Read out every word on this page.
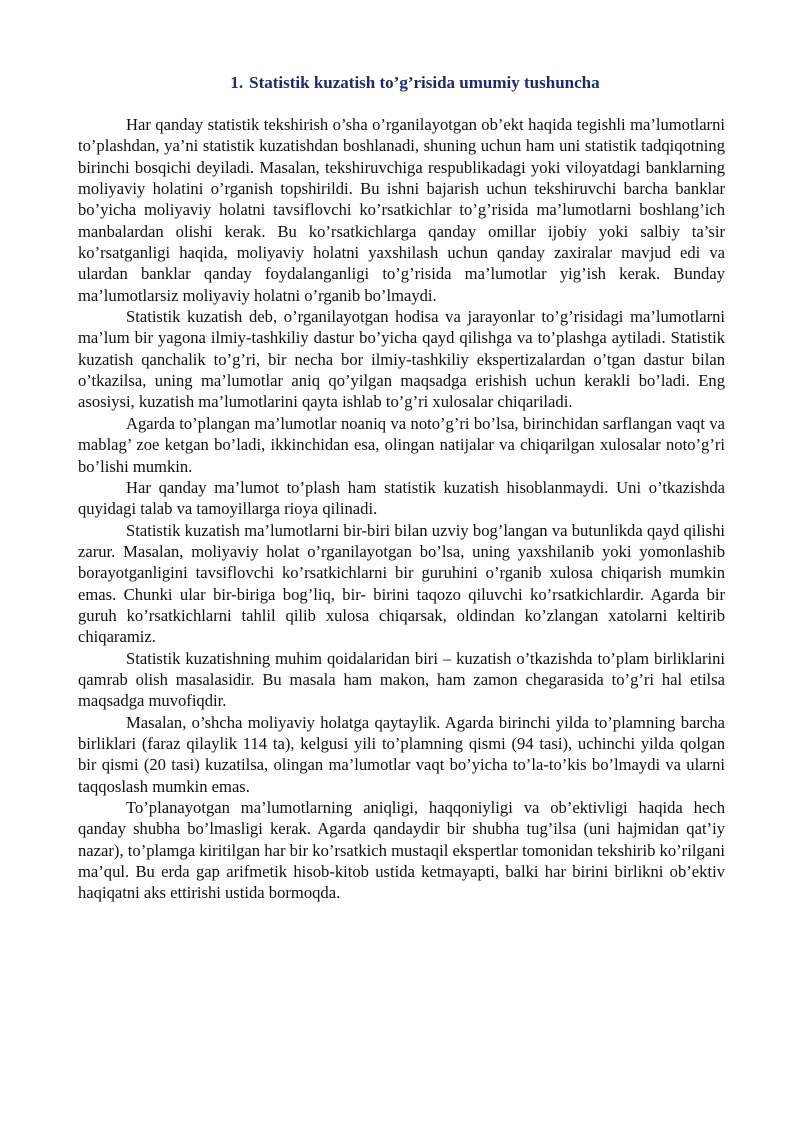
1. Statistik kuzatish to’g’risida umumiy tushuncha

Har qanday statistik tekshirish o’sha o’rganilayotgan ob’ekt haqida tegishli ma’lumotlarni to’plashdan, ya’ni statistik kuzatishdan boshlanadi, shuning uchun ham uni statistik tadqiqotning birinchi bosqichi deyiladi. Masalan, tekshiruvchiga respublikadagi yoki viloyatdagi banklarning moliyaviy holatini o’rganish topshirildi. Bu ishni bajarish uchun tekshiruvchi barcha banklar bo’yicha moliyaviy holatni tavsiflovchi ko’rsatkichlar to’g’risida ma’lumotlarni boshlang’ich manbalardan olishi kerak. Bu ko’rsatkichlarga qanday omillar ijobiy yoki salbiy ta’sir ko’rsatganligi haqida, moliyaviy holatni yaxshilash uchun qanday zaxiralar mavjud edi va ulardan banklar qanday foydalanganligi to’g’risida ma’lumotlar yig’ish kerak. Bunday ma’lumotlarsiz moliyaviy holatni o’rganib bo’lmaydi.

Statistik kuzatish deb, o’rganilayotgan hodisa va jarayonlar to’g’risidagi ma’lumotlarni ma’lum bir yagona ilmiy-tashkiliy dastur bo’yicha qayd qilishga va to’plashga aytiladi. Statistik kuzatish qanchalik to’g’ri, bir necha bor ilmiy-tashkiliy ekspertizalardan o’tgan dastur bilan o’tkazilsa, uning ma’lumotlar aniq qo’yilgan maqsadga erishish uchun kerakli bo’ladi. Eng asosiysi, kuzatish ma’lumotlarini qayta ishlab to’g’ri xulosalar chiqariladi.

Agarda to’plangan ma’lumotlar noaniq va noto’g’ri bo’lsa, birinchidan sarflangan vaqt va mablag’ zoe ketgan bo’ladi, ikkinchidan esa, olingan natijalar va chiqarilgan xulosalar noto’g’ri bo’lishi mumkin.

Har qanday ma’lumot to’plash ham statistik kuzatish hisoblanmaydi. Uni o’tkazishda quyidagi talab va tamoyillarga rioya qilinadi.

Statistik kuzatish ma’lumotlarni bir-biri bilan uzviy bog’langan va butunlikda qayd qilishi zarur. Masalan, moliyaviy holat o’rganilayotgan bo’lsa, uning yaxshilanib yoki yomonlashib borayotganligini tavsiflovchi ko’rsatkichlarni bir guruhini o’rganib xulosa chiqarish mumkin emas. Chunki ular bir-biriga bog’liq, bir- birini taqozo qiluvchi ko’rsatkichlardir. Agarda bir guruh ko’rsatkichlarni tahlil qilib xulosa chiqarsak, oldindan ko’zlangan xatolarni keltirib chiqaramiz.

Statistik kuzatishning muhim qoidalaridan biri – kuzatish o’tkazishda to’plam birliklarini qamrab olish masalasidir. Bu masala ham makon, ham zamon chegarasida to’g’ri hal etilsa maqsadga muvofiqdir.

Masalan, o’shcha moliyaviy holatga qaytaylik. Agarda birinchi yilda to’plamning barcha birliklari (faraz qilaylik 114 ta), kelgusi yili to’plamning qismi (94 tasi), uchinchi yilda qolgan bir qismi (20 tasi) kuzatilsa, olingan ma’lumotlar vaqt bo’yicha to’la-to’kis bo’lmaydi va ularni taqqoslash mumkin emas.

To’planayotgan ma’lumotlarning aniqligi, haqqoniyligi va ob’ektivligi haqida hech qanday shubha bo’lmasligi kerak. Agarda qandaydir bir shubha tug’ilsa (uni hajmidan qat’iy nazar), to’plamga kiritilgan har bir ko’rsatkich mustaqil ekspertlar tomonidan tekshirib ko’rilgani ma’qul. Bu erda gap arifmetik hisob-kitob ustida ketmayapti, balki har birini birlikni ob’ektiv haqiqatni aks ettirishi ustida bormoqda.
